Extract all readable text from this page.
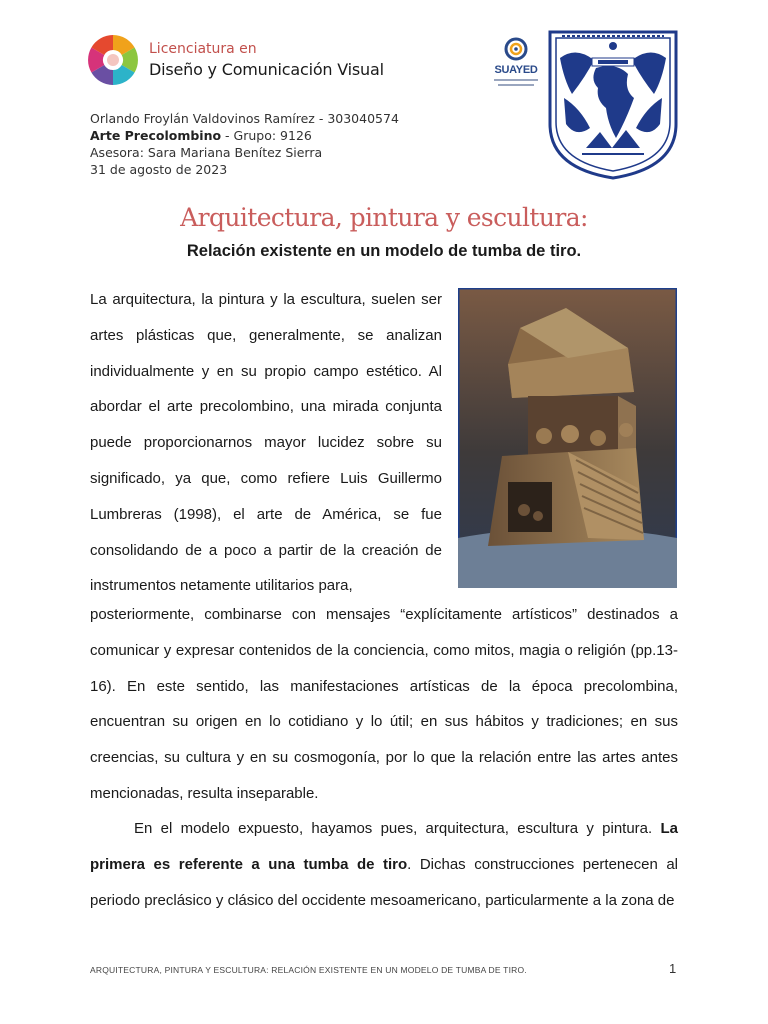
Licenciatura en
Diseño y Comunicación Visual	SUAYED
Orlando Froylán Valdovinos Ramírez - 303040574
Arte Precolombino - Grupo: 9126
Asesora: Sara Mariana Benítez Sierra
31 de agosto de 2023
Arquitectura, pintura y escultura:
Relación existente en un modelo de tumba de tiro.
La arquitectura, la pintura y la escultura, suelen ser artes plásticas que, generalmente, se analizan individualmente y en su propio campo estético. Al abordar el arte precolombino, una mirada conjunta puede proporcionarnos mayor lucidez sobre su significado, ya que, como refiere Luis Guillermo Lumbreras (1998), el arte de América, se fue consolidando de a poco a partir de la creación de instrumentos netamente utilitarios para,
posteriormente, combinarse con mensajes “explícitamente artísticos” destinados a comunicar y expresar contenidos de la conciencia, como mitos, magia o religión (pp.13-16). En este sentido, las manifestaciones artísticas de la época precolombina, encuentran su origen en lo cotidiano y lo útil; en sus hábitos y tradiciones; en sus creencias, su cultura y en su cosmogonía, por lo que la relación entre las artes antes mencionadas, resulta inseparable.
En el modelo expuesto, hayamos pues, arquitectura, escultura y pintura. La primera es referente a una tumba de tiro. Dichas construcciones pertenecen al periodo preclásico y clásico del occidente mesoamericano, particularmente a la zona de
ARQUITECTURA, PINTURA Y ESCULTURA: RELACIÓN EXISTENTE EN UN MODELO DE TUMBA DE TIRO.	1
